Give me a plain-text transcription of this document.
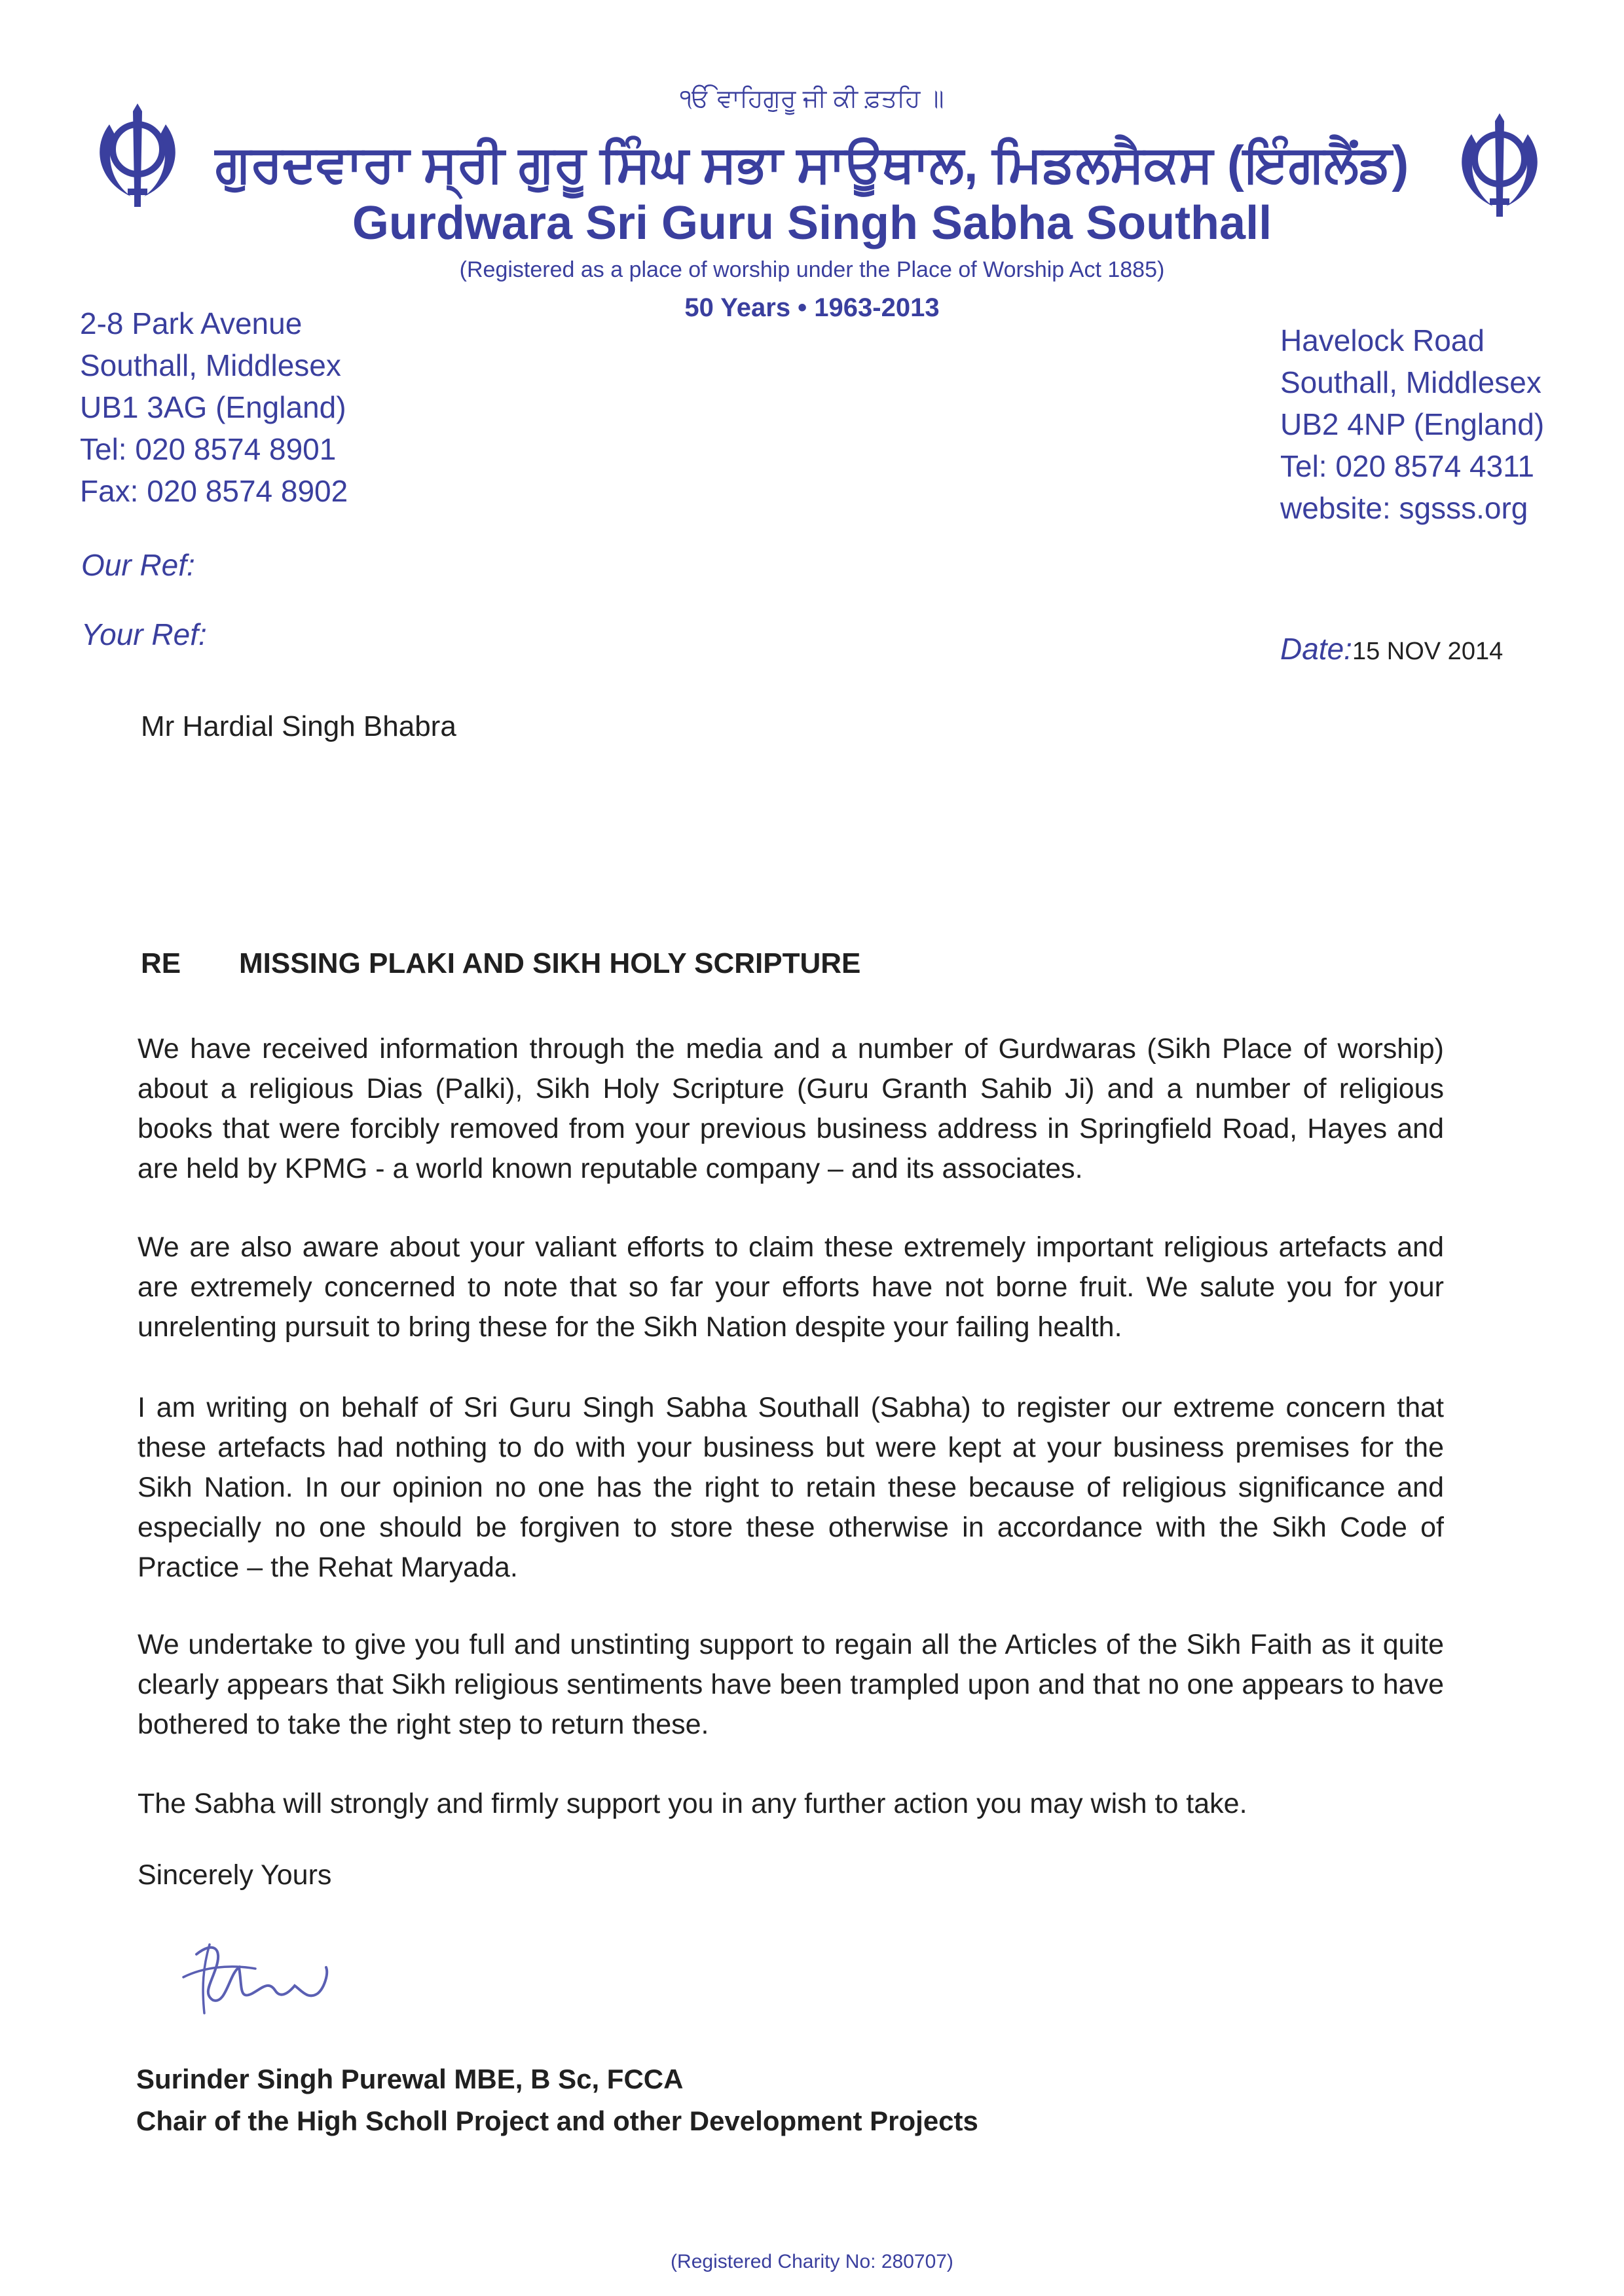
ੴ ਵਾਹਿਗੁਰੂ ਜੀ ਕੀ ਫ਼ਤਹਿ ॥
ਗੁਰਦਵਾਰਾ ਸ੍ਰੀ ਗੁਰੂ ਸਿੰਘ ਸਭਾ ਸਾਊਥਾਲ, ਮਿਡਲਸੈਕਸ (ਇੰਗਲੈਂਡ)
Gurdwara Sri Guru Singh Sabha Southall
(Registered as a place of worship under the Place of Worship Act 1885)
50 Years • 1963-2013
2-8 Park Avenue
Southall, Middlesex
UB1 3AG (England)
Tel: 020 8574 8901
Fax: 020 8574 8902
Havelock Road
Southall, Middlesex
UB2 4NP (England)
Tel: 020 8574 4311
website: sgsss.org
Our Ref:
Your Ref:	Date:15 NOV 2014
Mr Hardial Singh Bhabra
RE MISSING PLAKI AND SIKH HOLY SCRIPTURE
We have received information through the media and a number of Gurdwaras (Sikh Place of worship) about a religious Dias (Palki), Sikh Holy Scripture (Guru Granth Sahib Ji) and a number of religious books that were forcibly removed from your previous business address in Springfield Road, Hayes and are held by KPMG - a world known reputable company – and its associates.
We are also aware about your valiant efforts to claim these extremely important religious artefacts and are extremely concerned to note that so far your efforts have not borne fruit. We salute you for your unrelenting pursuit to bring these for the Sikh Nation despite your failing health.
I am writing on behalf of Sri Guru Singh Sabha Southall (Sabha) to register our extreme concern that these artefacts had nothing to do with your business but were kept at your business premises for the Sikh Nation. In our opinion no one has the right to retain these because of religious significance and especially no one should be forgiven to store these otherwise in accordance with the Sikh Code of Practice – the Rehat Maryada.
We undertake to give you full and unstinting support to regain all the Articles of the Sikh Faith as it quite clearly appears that Sikh religious sentiments have been trampled upon and that no one appears to have bothered to take the right step to return these.
The Sabha will strongly and firmly support you in any further action you may wish to take.
Sincerely Yours
Surinder Singh Purewal MBE, B Sc, FCCA
Chair of the High Scholl Project and other Development Projects
(Registered Charity No: 280707)
